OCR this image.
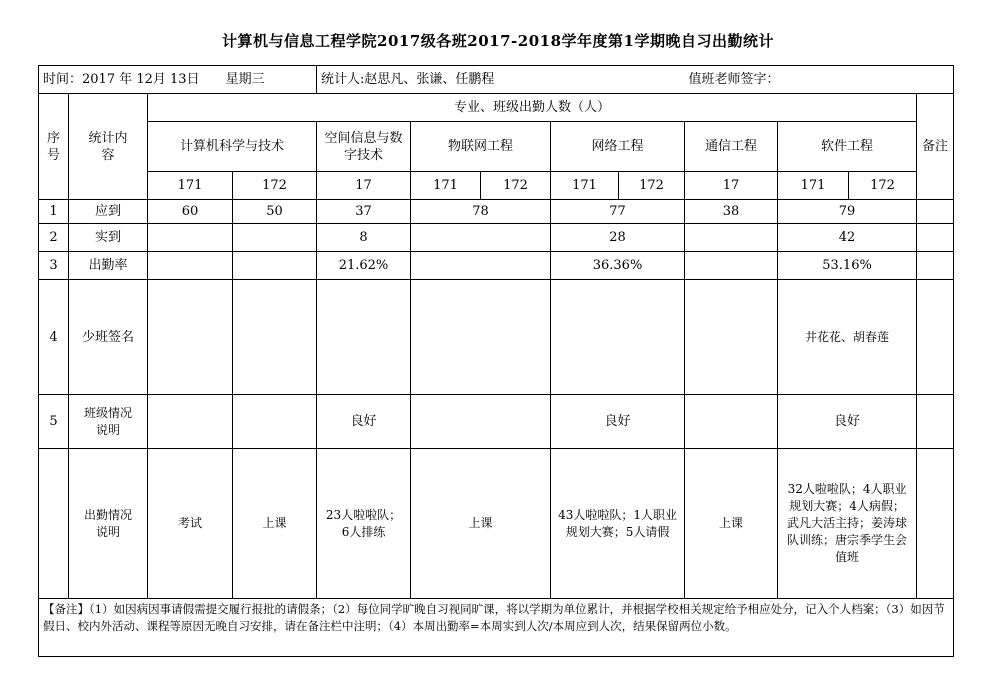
计算机与信息工程学院2017级各班2017-2018学年度第1学期晚自习出勤统计
时间：2017 年 12月 13日　　星期三				统计人:赵思凡、张谦、任鹏程					值班老师签字：			
序号	统计内容	专业、班级出勤人数（人）										备注
		计算机科学与技术		空间信息与数字技术	物联网工程		网络工程		通信工程	软件工程		
		171	172	17	171	172	171	172	17	171	172	
1	应到	60	50	37	78		77		38	79		
2	实到			8			28			42		
3	出勤率			21.62%			36.36%			53.16%		
4	少班签名									井花花、胡春莲		
5	班级情况说明			良好			良好			良好		
	出勤情况说明	考试	上课	23人啦啦队；6人排练	上课		43人啦啦队；1人职业规划大赛；5人请假		上课	32人啦啦队；4人职业规划大赛；4人病假；武凡大活主持；姜涛球队训练；唐宗季学生会值班		
【备注】（1）如因病因事请假需提交履行报批的请假条；（2）每位同学旷晚自习视同旷课，将以学期为单位累计，并根据学校相关规定给予相应处分，记入个人档案；（3）如因节假日、校内外活动、课程等原因无晚自习安排，请在备注栏中注明；（4）本周出勤率=本周实到人次/本周应到人次，结果保留两位小数。												
